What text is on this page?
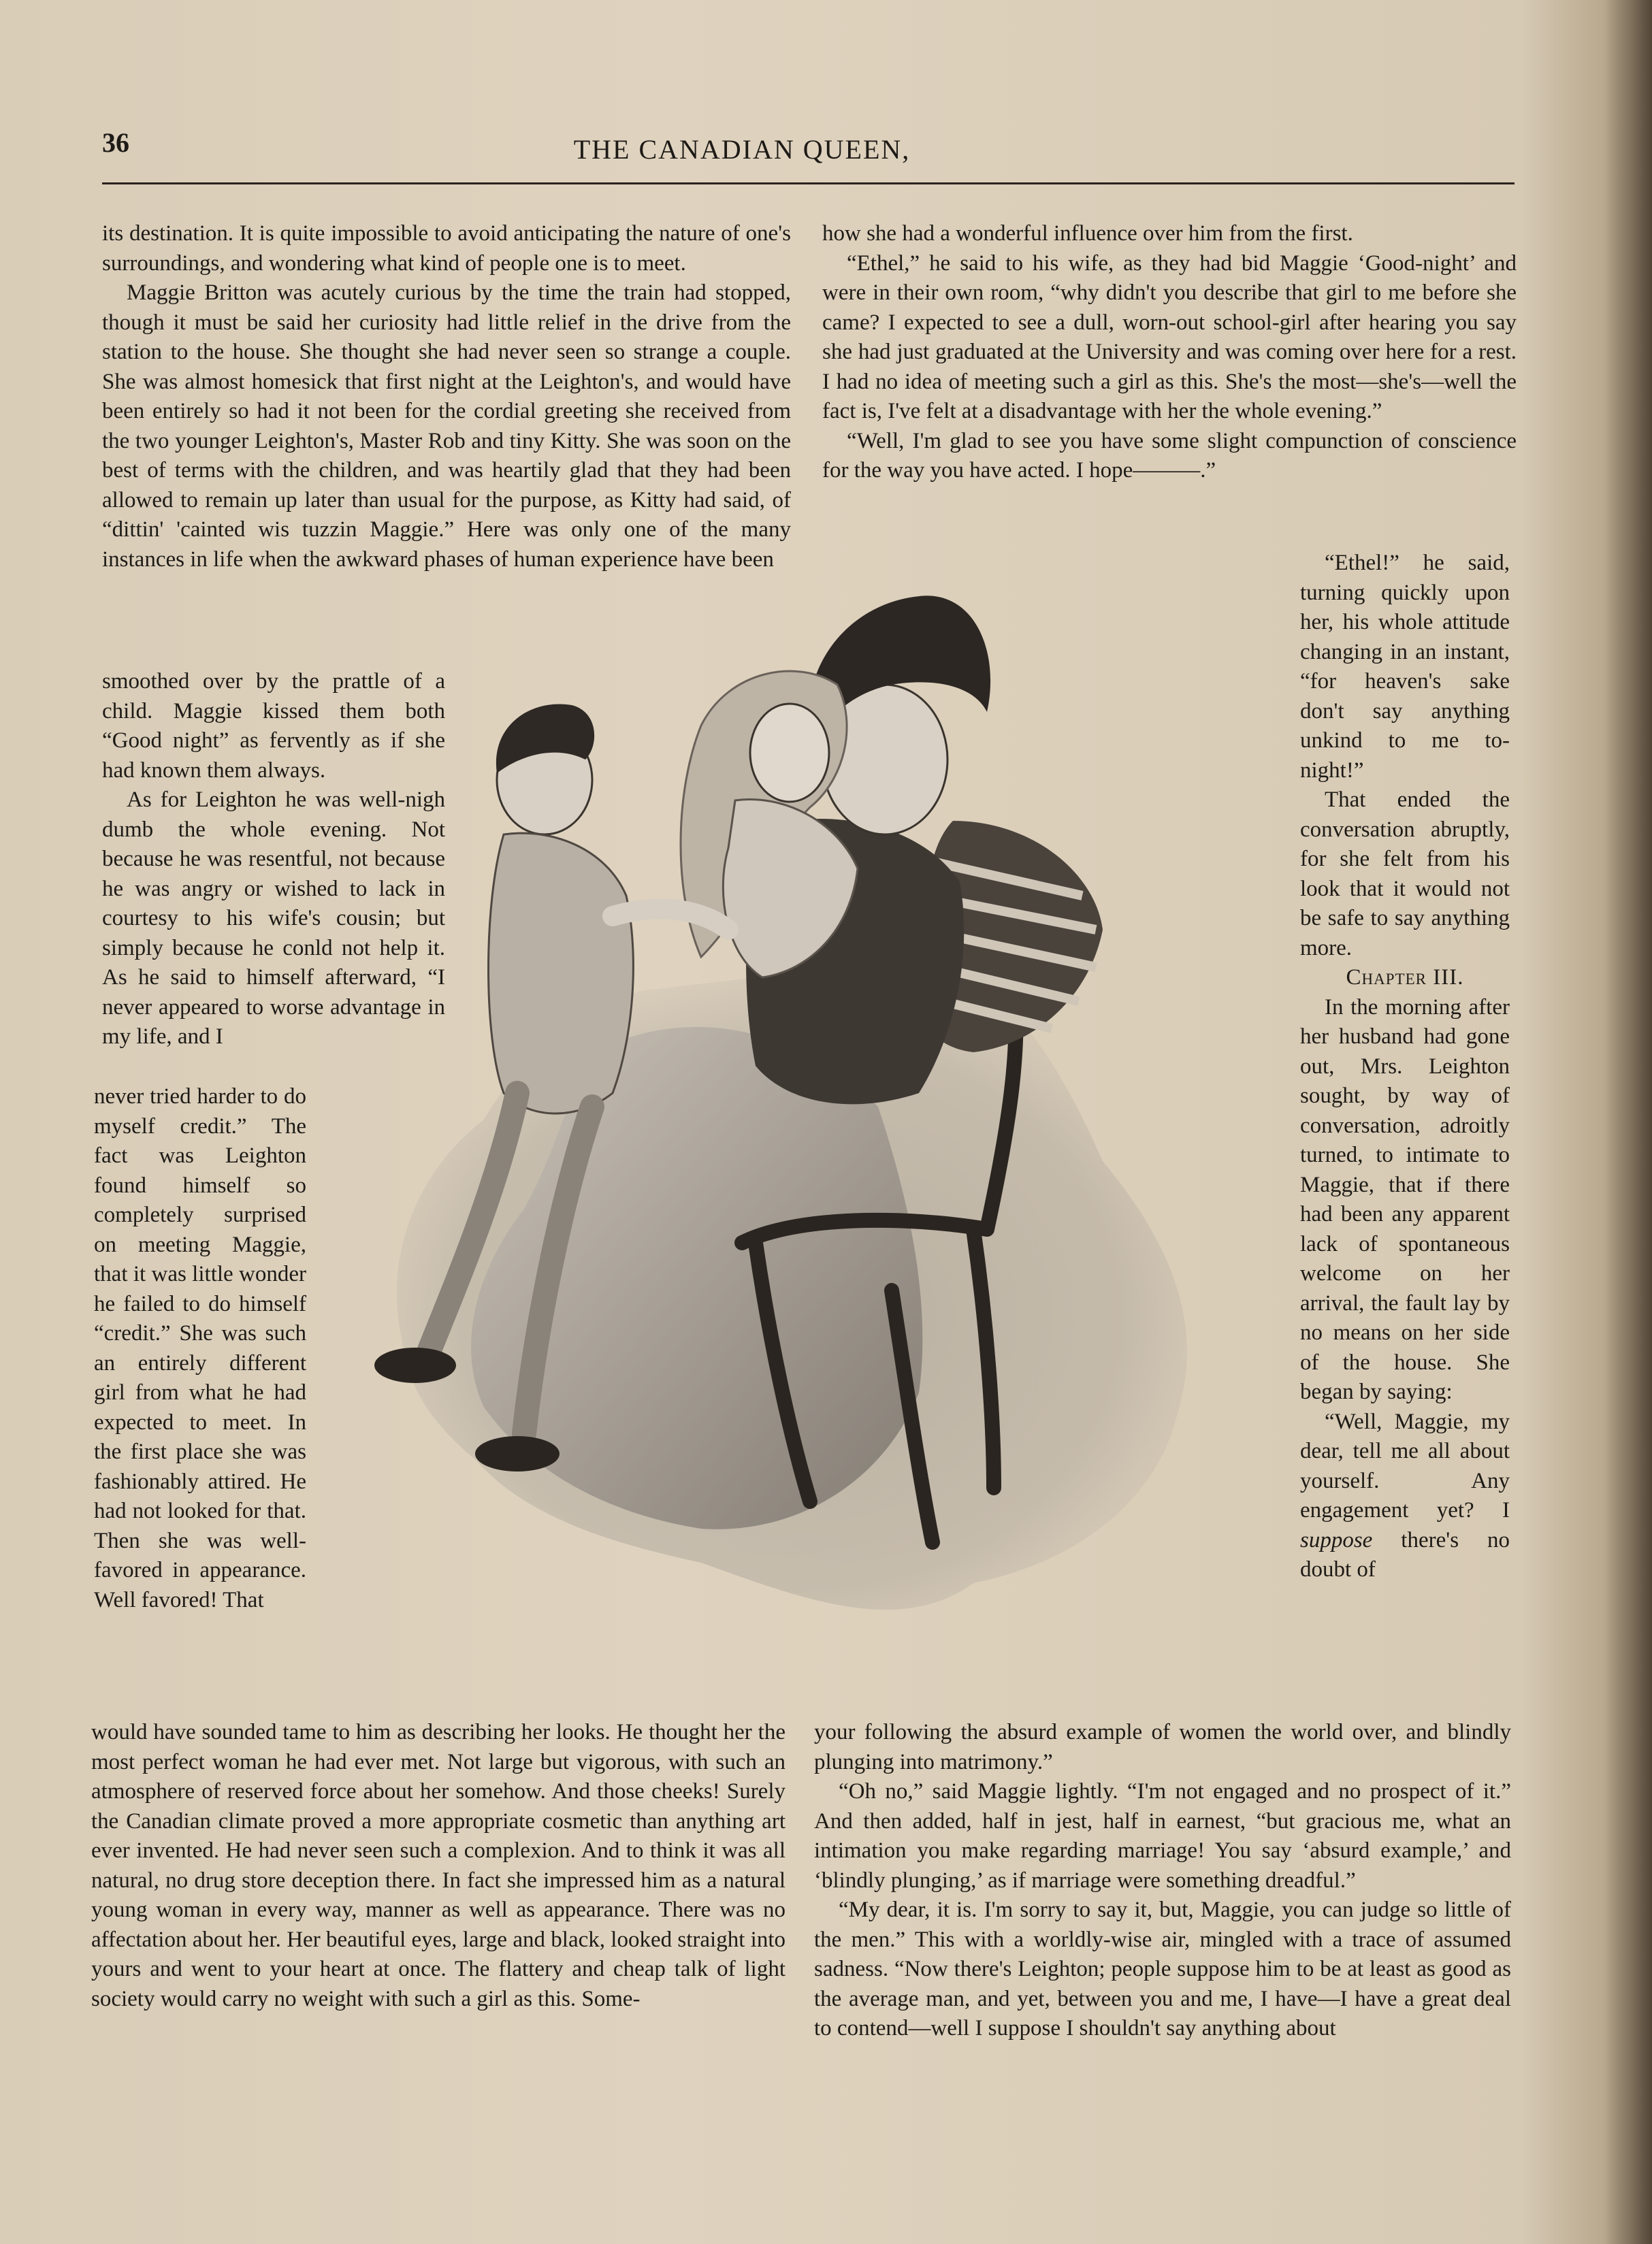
36	THE CANADIAN QUEEN,

its destination. It is quite impossible to avoid anticipating the nature of one's surroundings, and wondering what kind of people one is to meet.

Maggie Britton was acutely curious by the time the train had stopped, though it must be said her curiosity had little relief in the drive from the station to the house. She thought she had never seen so strange a couple. She was almost homesick that first night at the Leighton's, and would have been entirely so had it not been for the cordial greeting she received from the two younger Leighton's, Master Rob and tiny Kitty. She was soon on the best of terms with the children, and was heartily glad that they had been allowed to remain up later than usual for the purpose, as Kitty had said, of “dittin' 'cainted wis tuzzin Maggie.” Here was only one of the many instances in life when the awkward phases of human experience have been

smoothed over by the prattle of a child. Maggie kissed them both “Good night” as fervently as if she had known them always.

As for Leighton he was well-nigh dumb the whole evening. Not because he was resentful, not because he was angry or wished to lack in courtesy to his wife's cousin; but simply because he conld not help it. As he said to himself afterward, “I never appeared to worse advantage in my life, and I

never tried harder to do myself credit.” The fact was Leighton found himself so completely surprised on meeting Maggie, that it was little wonder he failed to do himself “credit.” She was such an entirely different girl from what he had expected to meet. In the first place she was fashionably attired. He had not looked for that. Then she was well-favored in appearance. Well favored! That

would have sounded tame to him as describing her looks. He thought her the most perfect woman he had ever met. Not large but vigorous, with such an atmosphere of reserved force about her somehow. And those cheeks! Surely the Canadian climate proved a more appropriate cosmetic than anything art ever invented. He had never seen such a complexion. And to think it was all natural, no drug store deception there. In fact she impressed him as a natural young woman in every way, manner as well as appearance. There was no affectation about her. Her beautiful eyes, large and black, looked straight into yours and went to your heart at once. The flattery and cheap talk of light society would carry no weight with such a girl as this. Some-

how she had a wonderful influence over him from the first.

“Ethel,” he said to his wife, as they had bid Maggie ‘Good-night’ and were in their own room, “why didn't you describe that girl to me before she came? I expected to see a dull, worn-out school-girl after hearing you say she had just graduated at the University and was coming over here for a rest. I had no idea of meeting such a girl as this. She's the most—she's—well the fact is, I've felt at a disadvantage with her the whole evening.”

“Well, I'm glad to see you have some slight compunction of conscience for the way you have acted. I hope———.”

“Ethel!” he said, turning quickly upon her, his whole attitude changing in an instant, “for heaven's sake don't say anything unkind to me to-night!”

That ended the conversation abruptly, for she felt from his look that it would not be safe to say anything more.

Chapter III.

In the morning after her husband had gone out, Mrs. Leighton sought, by way of conversation, adroitly turned, to intimate to Maggie, that if there had been any apparent lack of spontaneous welcome on her arrival, the fault lay by no means on her side of the house. She began by saying:

“Well, Maggie, my dear, tell me all about yourself. Any engagement yet? I suppose there's no doubt of

your following the absurd example of women the world over, and blindly plunging into matrimony.”

“Oh no,” said Maggie lightly. “I'm not engaged and no prospect of it.” And then added, half in jest, half in earnest, “but gracious me, what an intimation you make regarding marriage! You say ‘absurd example,’ and ‘blindly plunging,’ as if marriage were something dreadful.”

“My dear, it is. I'm sorry to say it, but, Maggie, you can judge so little of the men.” This with a worldly-wise air, mingled with a trace of assumed sadness. “Now there's Leighton; people suppose him to be at least as good as the average man, and yet, between you and me, I have—I have a great deal to contend—well I suppose I shouldn't say anything about
